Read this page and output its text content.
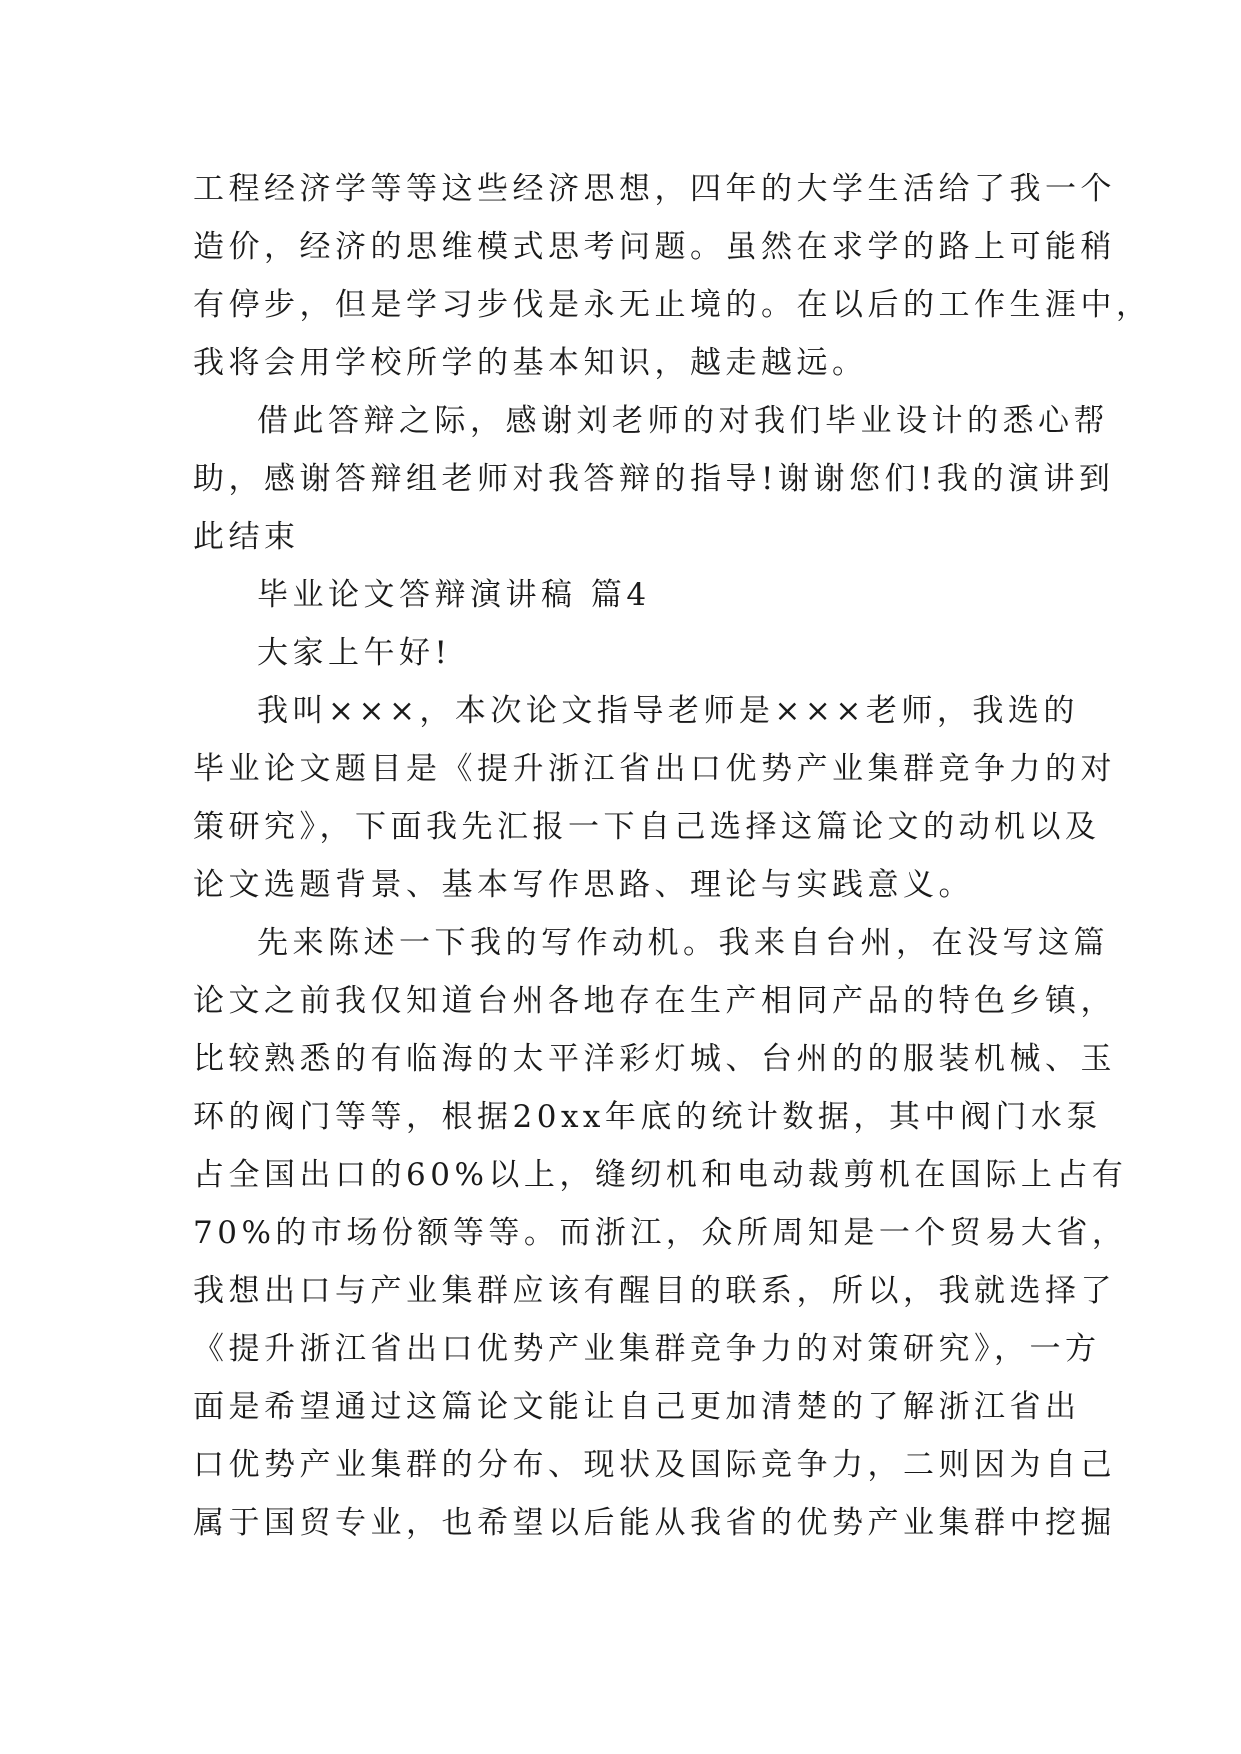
工程经济学等等这些经济思想，四年的大学生活给了我一个
造价，经济的思维模式思考问题。虽然在求学的路上可能稍
有停步，但是学习步伐是永无止境的。在以后的工作生涯中，
我将会用学校所学的基本知识，越走越远。
借此答辩之际，感谢刘老师的对我们毕业设计的悉心帮
助，感谢答辩组老师对我答辩的指导!谢谢您们!我的演讲到
此结束
毕业论文答辩演讲稿 篇4
大家上午好!
我叫×××，本次论文指导老师是×××老师，我选的
毕业论文题目是《提升浙江省出口优势产业集群竞争力的对
策研究》，下面我先汇报一下自己选择这篇论文的动机以及
论文选题背景、基本写作思路、理论与实践意义。
先来陈述一下我的写作动机。我来自台州，在没写这篇
论文之前我仅知道台州各地存在生产相同产品的特色乡镇，
比较熟悉的有临海的太平洋彩灯城、台州的的服装机械、玉
环的阀门等等，根据20xx年底的统计数据，其中阀门水泵
占全国出口的60%以上，缝纫机和电动裁剪机在国际上占有
70%的市场份额等等。而浙江，众所周知是一个贸易大省，
我想出口与产业集群应该有醒目的联系，所以，我就选择了
《提升浙江省出口优势产业集群竞争力的对策研究》，一方
面是希望通过这篇论文能让自己更加清楚的了解浙江省出
口优势产业集群的分布、现状及国际竞争力，二则因为自己
属于国贸专业，也希望以后能从我省的优势产业集群中挖掘
